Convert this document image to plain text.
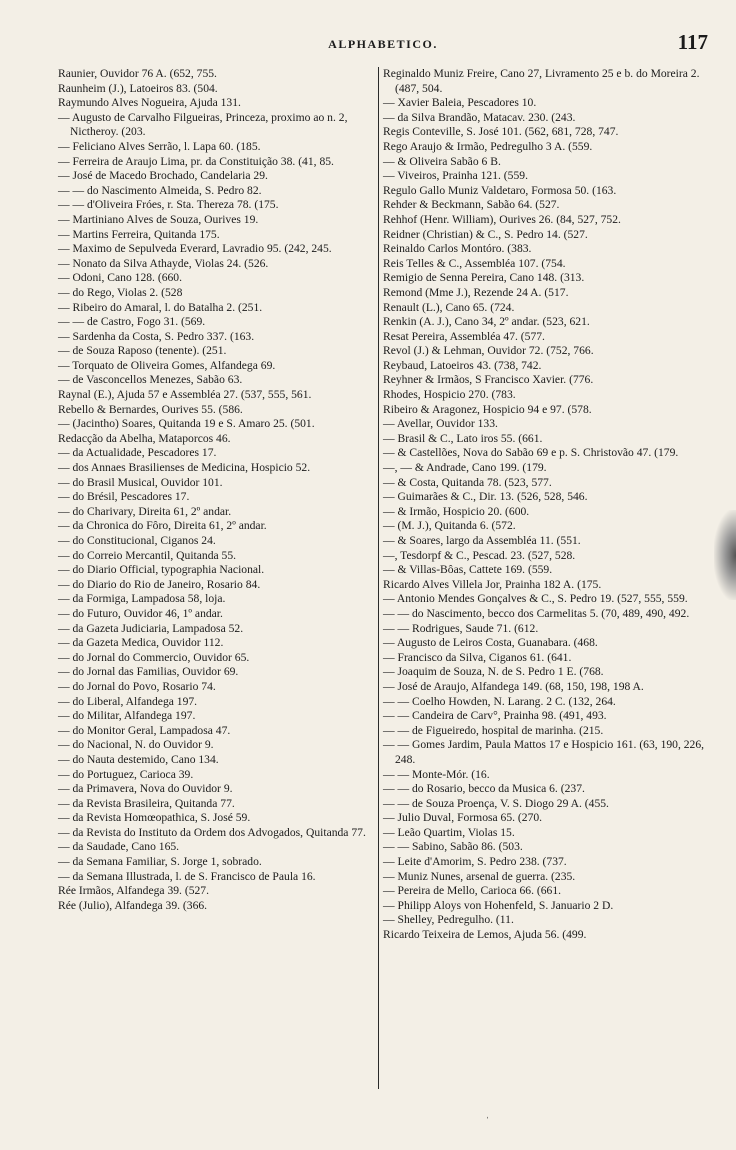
ALPHABETICO.	117
Raunier, Ouvidor 76 A. (652, 755.
Raunheim (J.), Latoeiros 83. (504.
Raymundo Alves Nogueira, Ajuda 131.
— Augusto de Carvalho Filgueiras, Princeza, proximo ao n. 2, Nictheroy. (203.
— Feliciano Alves Serrão, l. Lapa 60. (185.
— Ferreira de Araujo Lima, pr. da Constituição 38. (41, 85.
— José de Macedo Brochado, Candelaria 29.
— — do Nascimento Almeida, S. Pedro 82.
— — d'Oliveira Fróes, r. Sta. Thereza 78. (175.
— Martiniano Alves de Souza, Ourives 19.
— Martins Ferreira, Quitanda 175.
— Maximo de Sepulveda Everard, Lavradio 95. (242, 245.
— Nonato da Silva Athayde, Violas 24. (526.
— Odoni, Cano 128. (660.
— do Rego, Violas 2. (528
— Ribeiro do Amaral, l. do Batalha 2. (251.
— — de Castro, Fogo 31. (569.
— Sardenha da Costa, S. Pedro 337. (163.
— de Souza Raposo (tenente). (251.
— Torquato de Oliveira Gomes, Alfandega 69.
— de Vasconcellos Menezes, Sabão 63.
Raynal (E.), Ajuda 57 e Assembléa 27. (537, 555, 561.
Rebello & Bernardes, Ourives 55. (586.
— (Jacintho) Soares, Quitanda 19 e S. Amaro 25. (501.
Redacção da Abelha, Mataporcos 46.
— da Actualidade, Pescadores 17.
— dos Annaes Brasilienses de Medicina, Hospicio 52.
— do Brasil Musical, Ouvidor 101.
— do Brésil, Pescadores 17.
— do Charivary, Direita 61, 2º andar.
— da Chronica do Fôro, Direita 61, 2º andar.
— do Constitucional, Ciganos 24.
— do Correio Mercantil, Quitanda 55.
— do Diario Official, typographia Nacional.
— do Diario do Rio de Janeiro, Rosario 84.
— da Formiga, Lampadosa 58, loja.
— do Futuro, Ouvidor 46, 1º andar.
— da Gazeta Judiciaria, Lampadosa 52.
— da Gazeta Medica, Ouvidor 112.
— do Jornal do Commercio, Ouvidor 65.
— do Jornal das Familias, Ouvidor 69.
— do Jornal do Povo, Rosario 74.
— do Liberal, Alfandega 197.
— do Militar, Alfandega 197.
— do Monitor Geral, Lampadosa 47.
— do Nacional, N. do Ouvidor 9.
— do Nauta destemido, Cano 134.
— do Portuguez, Carioca 39.
— da Primavera, Nova do Ouvidor 9.
— da Revista Brasileira, Quitanda 77.
— da Revista Homœopathica, S. José 59.
— da Revista do Instituto da Ordem dos Advogados, Quitanda 77.
— da Saudade, Cano 165.
— da Semana Familiar, S. Jorge 1, sobrado.
— da Semana Illustrada, l. de S. Francisco de Paula 16.
Rée Irmãos, Alfandega 39. (527.
Rée (Julio), Alfandega 39. (366.
Reginaldo Muniz Freire, Cano 27, Livramento 25 e b. do Moreira 2. (487, 504.
— Xavier Baleia, Pescadores 10.
— da Silva Brandão, Matacav. 230. (243.
Regis Conteville, S. José 101. (562, 681, 728, 747.
Rego Araujo & Irmão, Pedregulho 3 A. (559.
— & Oliveira Sabão 6 B.
— Viveiros, Prainha 121. (559.
Regulo Gallo Muniz Valdetaro, Formosa 50. (163.
Rehder & Beckmann, Sabão 64. (527.
Rehhof (Henr. William), Ourives 26. (84, 527, 752.
Reidner (Christian) & C., S. Pedro 14. (527.
Reinaldo Carlos Montóro. (383.
Reis Telles & C., Assembléa 107. (754.
Remigio de Senna Pereira, Cano 148. (313.
Remond (Mme J.), Rezende 24 A. (517.
Renault (L.), Cano 65. (724.
Renkin (A. J.), Cano 34, 2º andar. (523, 621.
Resat Pereira, Assembléa 47. (577.
Revol (J.) & Lehman, Ouvidor 72. (752, 766.
Reybaud, Latoeiros 43. (738, 742.
Reyhner & Irmãos, S Francisco Xavier. (776.
Rhodes, Hospicio 270. (783.
Ribeiro & Aragonez, Hospicio 94 e 97. (578.
— Avellar, Ouvidor 133.
— Brasil & C., Lato iros 55. (661.
— & Castellões, Nova do Sabão 69 e p. S. Christovão 47. (179.
—, — & Andrade, Cano 199. (179.
— & Costa, Quitanda 78. (523, 577.
— Guimarães & C., Dir. 13. (526, 528, 546.
— & Irmão, Hospicio 20. (600.
— (M. J.), Quitanda 6. (572.
— & Soares, largo da Assembléa 11. (551.
—, Tesdorpf & C., Pescad. 23. (527, 528.
— & Villas-Bôas, Cattete 169. (559.
Ricardo Alves Villela Jor, Prainha 182 A. (175.
— Antonio Mendes Gonçalves & C., S. Pedro 19. (527, 555, 559.
— — do Nascimento, becco dos Carmelitas 5. (70, 489, 490, 492.
— — Rodrigues, Saude 71. (612.
— Augusto de Leiros Costa, Guanabara. (468.
— Francisco da Silva, Ciganos 61. (641.
— Joaquim de Souza, N. de S. Pedro 1 E. (768.
— José de Araujo, Alfandega 149. (68, 150, 198, 198 A.
— — Coelho Howden, N. Larang. 2 C. (132, 264.
— — Candeira de Carv°, Prainha 98. (491, 493.
— — de Figueiredo, hospital de marinha. (215.
— — Gomes Jardim, Paula Mattos 17 e Hospicio 161. (63, 190, 226, 248.
— — Monte-Mór. (16.
— — do Rosario, becco da Musica 6. (237.
— — de Souza Proença, V. S. Diogo 29 A. (455.
— Julio Duval, Formosa 65. (270.
— Leão Quartim, Violas 15.
— — Sabino, Sabão 86. (503.
— Leite d'Amorim, S. Pedro 238. (737.
— Muniz Nunes, arsenal de guerra. (235.
— Pereira de Mello, Carioca 66. (661.
— Philipp Aloys von Hohenfeld, S. Januario 2 D.
— Shelley, Pedregulho. (11.
Ricardo Teixeira de Lemos, Ajuda 56. (499.
ˌ
